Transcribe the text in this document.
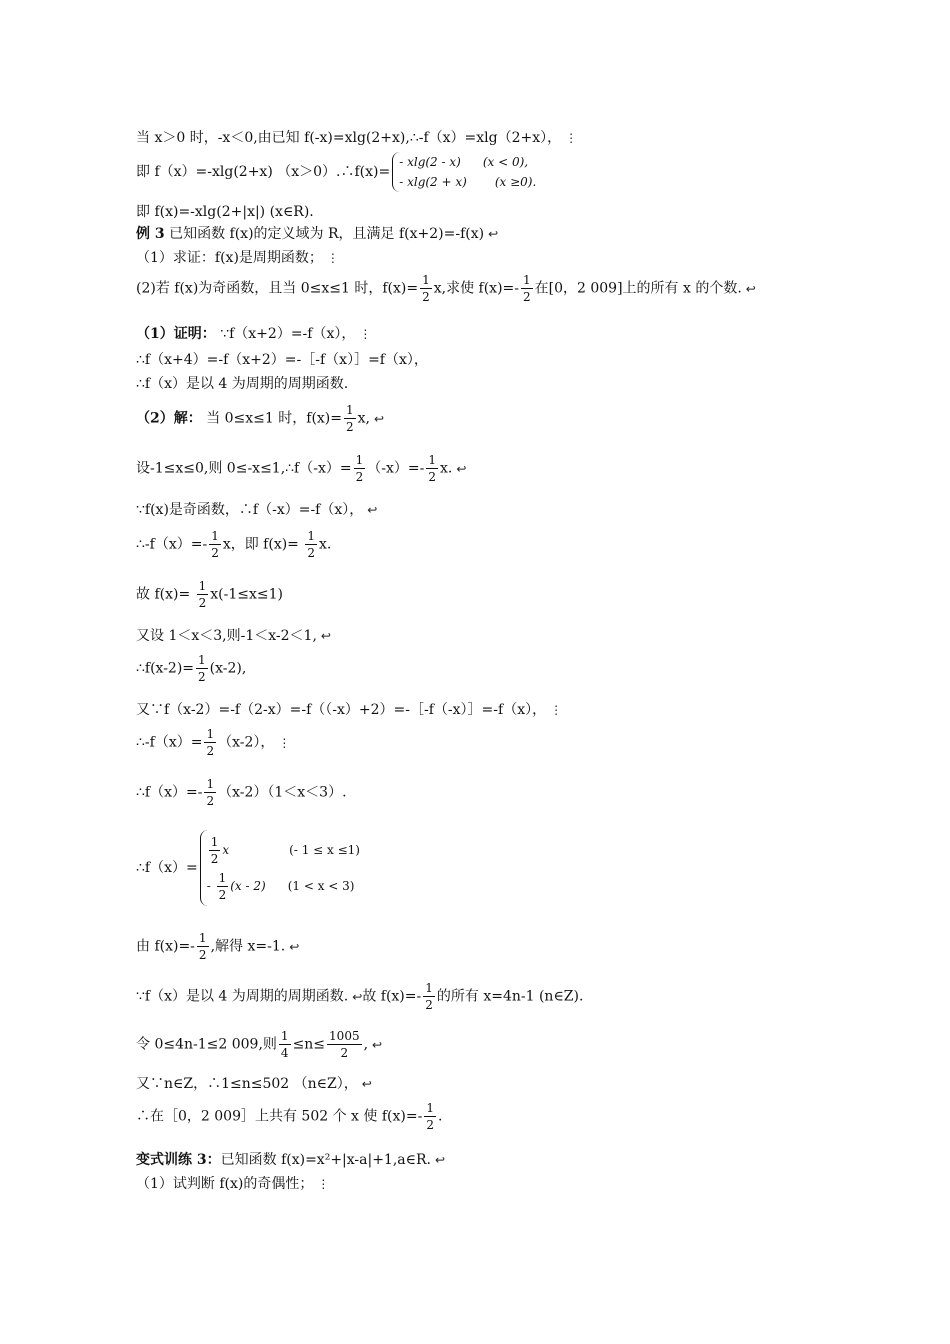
当 x＞0 时，-x＜0,由已知 f(-x)=xlg(2+x),∴-f（x）=xlg（2+x）， ⋮
即 f（x）=-xlg(2+x) （x＞0）.∴f(x)=
- xlg(2 - x) (x < 0),
- xlg(2 + x) (x ≥0).
即 f(x)=-xlg(2+|x|) (x∈R).
例 3 已知函数 f(x)的定义域为 R，且满足 f(x+2)=-f(x) ↩
（1）求证：f(x)是周期函数； ⋮
(2)若 f(x)为奇函数，且当 0≤x≤1 时，$f(x)= \frac{1}{2} x$,求使 $f(x)=- \frac{1}{2}$ 在[0，2 009]上的所有 x 的个数. ↩
（1）证明： ∵f（x+2）=-f（x）， ⋮
∴f（x+4）=-f（x+2）=-［-f（x）］=f（x），
∴f（x）是以 4 为周期的周期函数.
（2）解： 当 0≤x≤1 时，$f(x)= \frac{1}{2} x$, ↩
设-1≤x≤0,则 0≤-x≤1,∴f（-x）= $\frac{1}{2} (-x)=- \frac{1}{2} x$. ↩
∵f(x)是奇函数，∴f（-x）=-f（x）， ↩
∴-f（x）=- $\frac{1}{2}$ x，即 $f(x)= \frac{1}{2} x$.
故 $f(x)= \frac{1}{2} x(-1\le x\le 1)$
又设 1＜x＜3,则-1＜x-2＜1, ↩
∴f(x-2)= $\frac{1}{2} (x-2)$,
又∵f（x-2）=-f（2-x）=-f（（-x）+2）=-［-f（-x）］=-f（x）， ⋮
∴-f（x）= $\frac{1}{2} (x-2)$， ⋮
∴f（x）=- $\frac{1}{2} (x-2)(1<x<3)$.
∴f（x）=
$\frac{1}{2}$ x	(- 1 ≤ x ≤1)
- $\frac{1}{2} (x - 2) (1 < x < 3)$
由 $f(x)=- \frac{1}{2}$ ,解得 x=-1. ↩
∵f（x）是以 4 为周期的周期函数. ↩故 $f(x)=- \frac{1}{2}$ 的所有 x=4n-1 (n∈Z).
令 0≤4n-1≤2 009,则 $\frac{1}{4} \le n\le \frac{1005}{2}$ , ↩
又∵n∈Z，∴1≤n≤502 （n∈Z）， ↩
∴在［0，2 009］上共有 502 个 x 使 $f(x)=- \frac{1}{2}$ .
变式训练 3：已知函数 f(x)=x²+|x-a|+1,a∈R. ↩
（1）试判断 f(x)的奇偶性； ⋮
